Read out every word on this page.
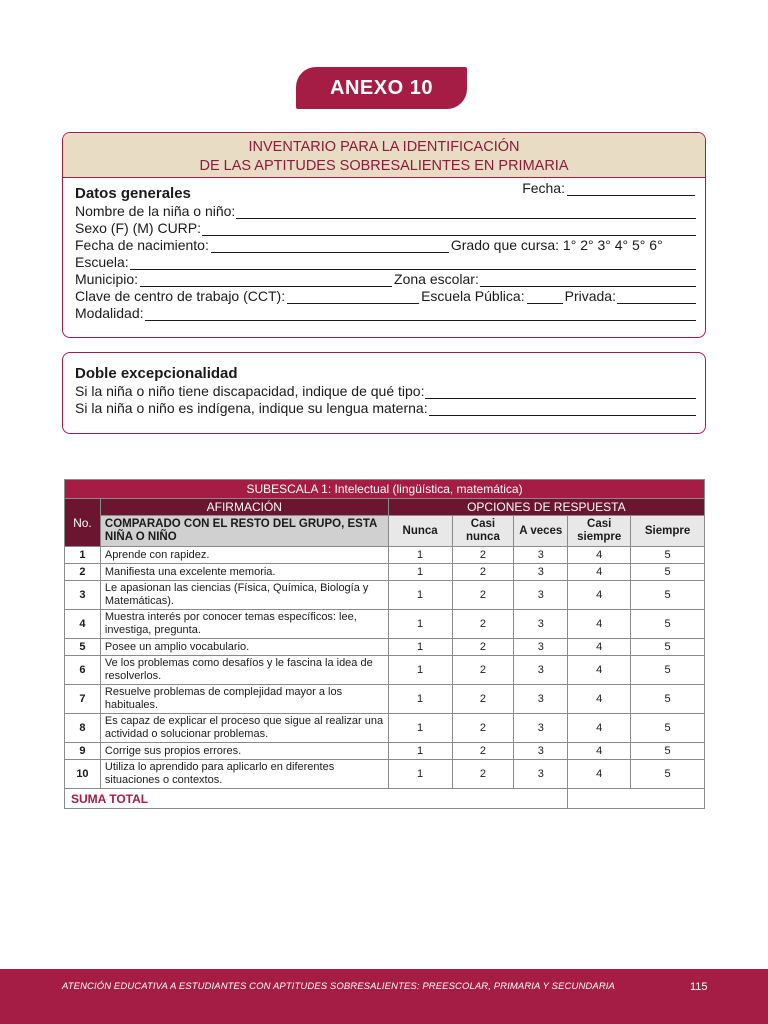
ANEXO 10
INVENTARIO PARA LA IDENTIFICACIÓN
DE LAS APTITUDES SOBRESALIENTES EN PRIMARIA
Datos generales	Fecha:
Nombre de la niña o niño:
Sexo (F) (M)
CURP:
Fecha de nacimiento:	Grado que cursa: 1° 2° 3° 4° 5° 6°
Escuela:
Municipio:	Zona escolar:
Clave de centro de trabajo (CCT):	Escuela Pública:	Privada:
Modalidad:
Doble excepcionalidad
Si la niña o niño tiene discapacidad, indique de qué tipo:
Si la niña o niño es indígena, indique su lengua materna:
SUBESCALA 1: Intelectual (lingüística, matemática)						
No.	AFIRMACIÓN	OPCIONES DE RESPUESTA				
	COMPARADO CON EL RESTO DEL GRUPO, ESTA NIÑA O NIÑO	Nunca	Casi nunca	A veces	Casi siempre	Siempre
1	Aprende con rapidez.	1	2	3	4	5
2	Manifiesta una excelente memoria.	1	2	3	4	5
3	Le apasionan las ciencias (Física, Química, Biología y Matemáticas).	1	2	3	4	5
4	Muestra interés por conocer temas específicos: lee, investiga, pregunta.	1	2	3	4	5
5	Posee un amplio vocabulario.	1	2	3	4	5
6	Ve los problemas como desafíos y le fascina la idea de resolverlos.	1	2	3	4	5
7	Resuelve problemas de complejidad mayor a los habituales.	1	2	3	4	5
8	Es capaz de explicar el proceso que sigue al realizar una actividad o solucionar problemas.	1	2	3	4	5
9	Corrige sus propios errores.	1	2	3	4	5
10	Utiliza lo aprendido para aplicarlo en diferentes situaciones o contextos.	1	2	3	4	5
SUMA TOTAL						
ATENCIÓN EDUCATIVA A ESTUDIANTES CON APTITUDES SOBRESALIENTES: PREESCOLAR, PRIMARIA Y SECUNDARIA	115
